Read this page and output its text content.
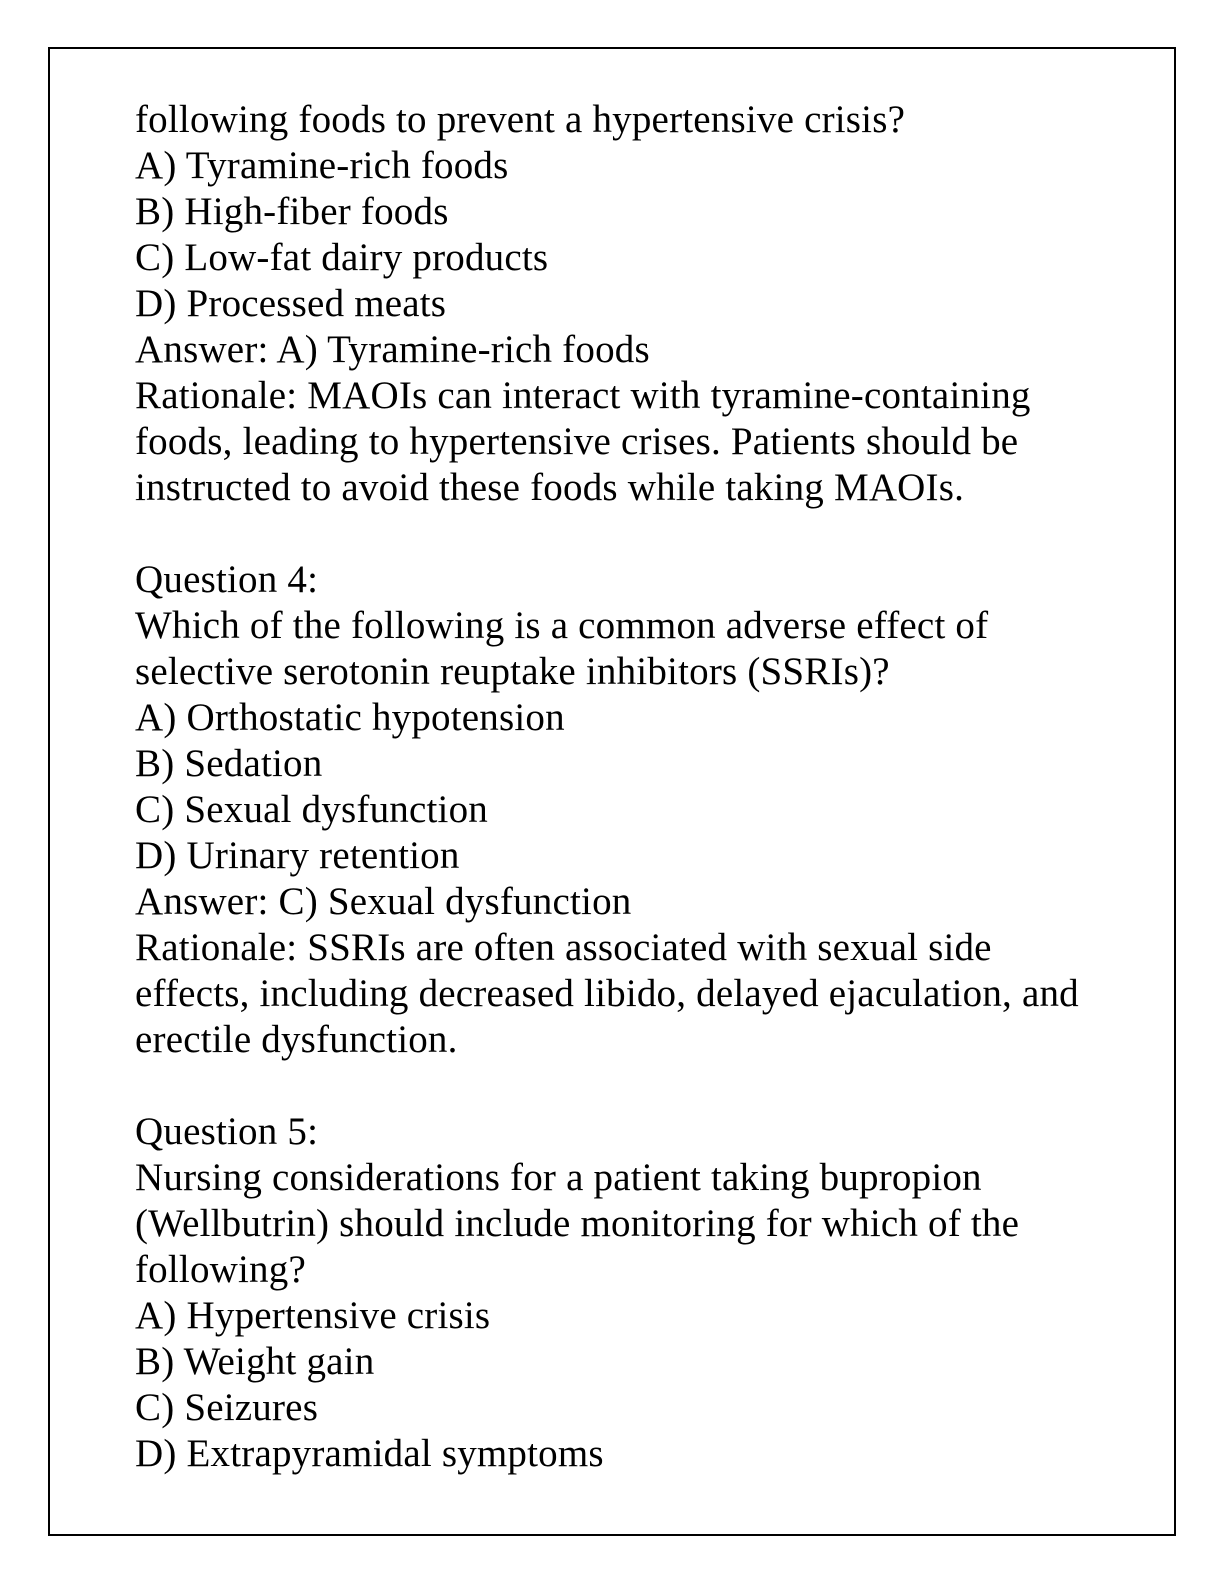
following foods to prevent a hypertensive crisis?
A) Tyramine-rich foods
B) High-fiber foods
C) Low-fat dairy products
D) Processed meats
Answer: A) Tyramine-rich foods
Rationale: MAOIs can interact with tyramine-containing
foods, leading to hypertensive crises. Patients should be
instructed to avoid these foods while taking MAOIs.
Question 4:
Which of the following is a common adverse effect of
selective serotonin reuptake inhibitors (SSRIs)?
A) Orthostatic hypotension
B) Sedation
C) Sexual dysfunction
D) Urinary retention
Answer: C) Sexual dysfunction
Rationale: SSRIs are often associated with sexual side
effects, including decreased libido, delayed ejaculation, and
erectile dysfunction.
Question 5:
Nursing considerations for a patient taking bupropion
(Wellbutrin) should include monitoring for which of the
following?
A) Hypertensive crisis
B) Weight gain
C) Seizures
D) Extrapyramidal symptoms
